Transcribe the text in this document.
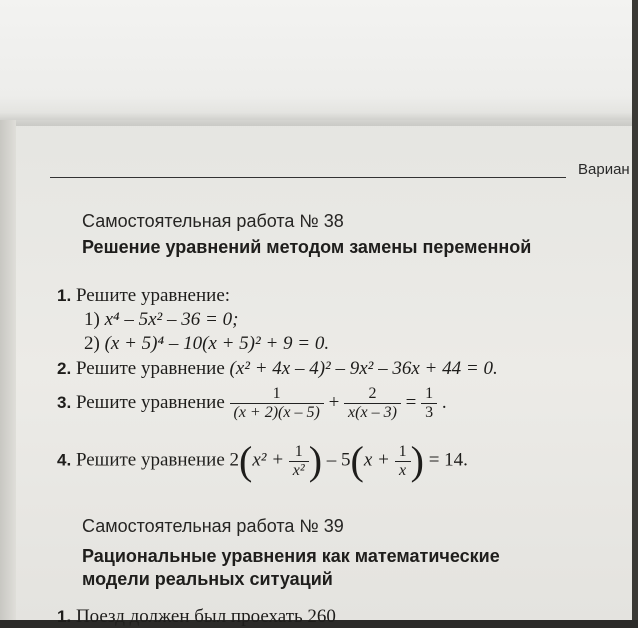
Вариан
Самостоятельная работа № 38
Решение уравнений методом замены переменной
1. Решите уравнение:
1) x⁴ – 5x² – 36 = 0;
2) (x + 5)⁴ – 10(x + 5)² + 9 = 0.
2. Решите уравнение (x² + 4x – 4)² – 9x² – 36x + 44 = 0.
3. Решите уравнение $\frac{1}{(x + 2)(x - 5)} + \frac{2}{x(x - 3)} = \frac{1}{3}$ .
4. Решите уравнение $2(x^2 + \frac{1}{\text{x²}}$ ) – $5(x + \frac{1}{x}$ ) = 14.
Самостоятельная работа № 39
Рациональные уравнения как математические
модели реальных ситуаций
1. Поезд должен был проехать 260
